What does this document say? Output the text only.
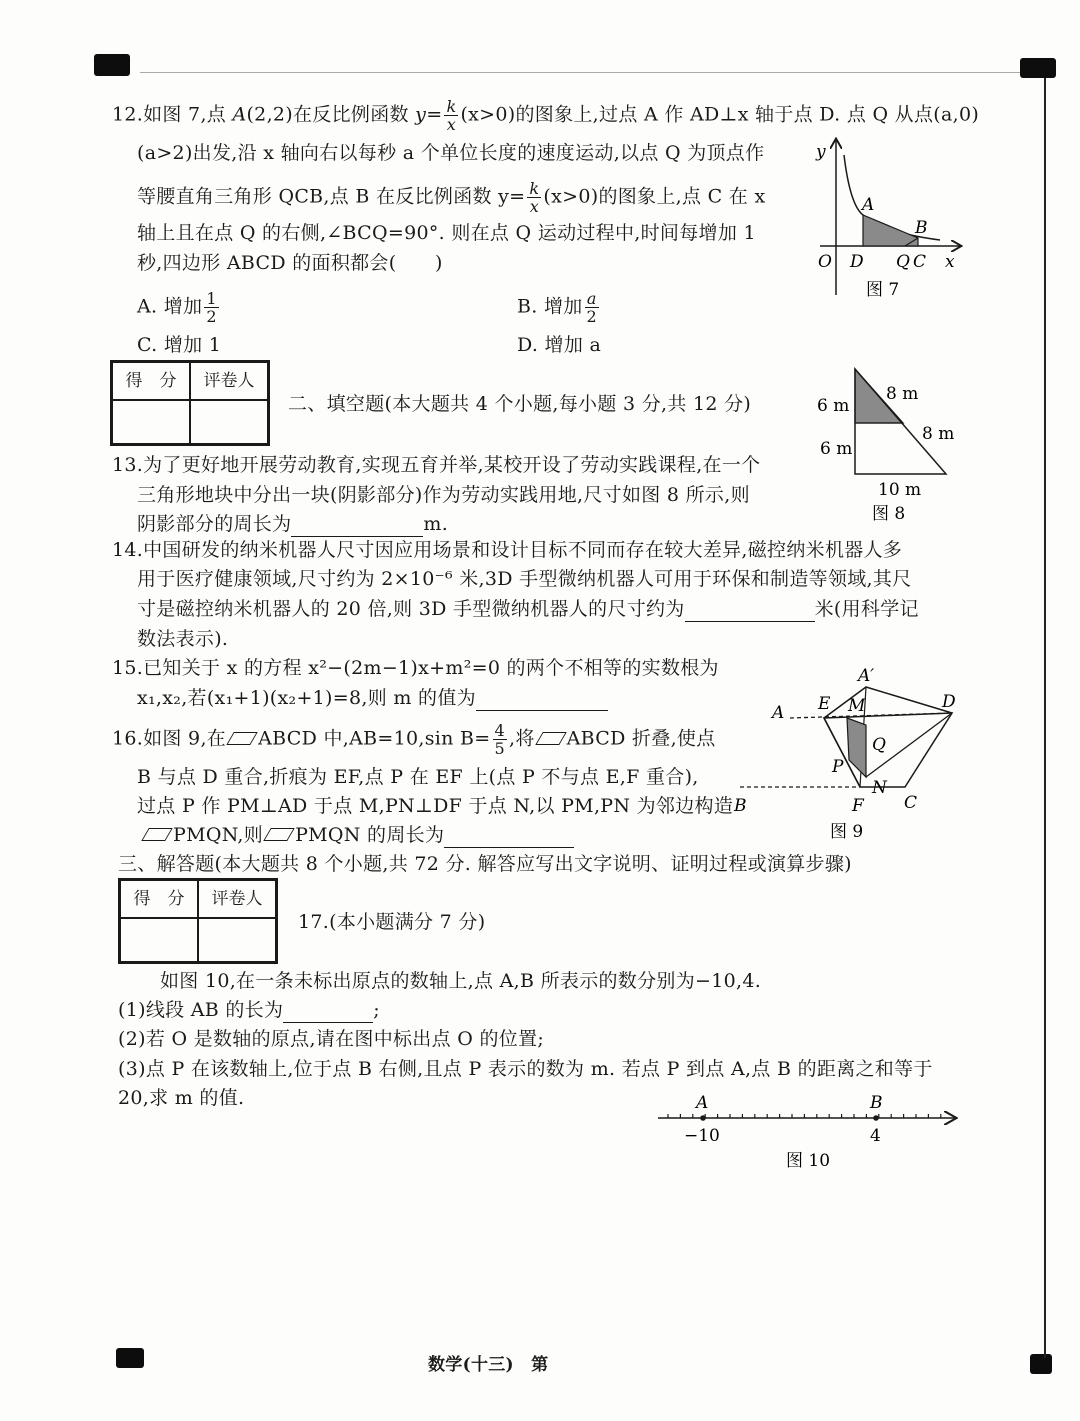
12.如图 7,点 A(2,2)在反比例函数 $y= \frac{k}{x} (x>0)$的图象上,过点 A 作 AD⊥x 轴于点 D. 点 Q 从点(a,0)
(a>2)出发,沿 x 轴向右以每秒 a 个单位长度的速度运动,以点 Q 为顶点作
等腰直角三角形 QCB,点 B 在反比例函数 $y= \frac{k}{x} (x>0)$的图象上,点 C 在 x
轴上且在点 Q 的右侧,∠BCQ=90°. 则在点 Q 运动过程中,时间每增加 1
秒,四边形 ABCD 的面积都会(　　)
A. 增加 $\frac{1}{2}$	B. 增加 $\frac{a}{2}$
C. 增加 1	D. 增加 a
y
x
O D Q C
A
B
图 7
得　分	评卷人
二、填空题(本大题共 4 个小题,每小题 3 分,共 12 分)	6 m
6 m
8 m
8 m
10 m
图 8
13.为了更好地开展劳动教育,实现五育并举,某校开设了劳动实践课程,在一个
三角形地块中分出一块(阴影部分)作为劳动实践用地,尺寸如图 8 所示,则
阴影部分的周长为	m.
14.中国研发的纳米机器人尺寸因应用场景和设计目标不同而存在较大差异,磁控纳米机器人多
用于医疗健康领域,尺寸约为 2×10⁻⁶ 米,3D 手型微纳机器人可用于环保和制造等领域,其尺
寸是磁控纳米机器人的 20 倍,则 3D 手型微纳机器人的尺寸约为	米(用科学记
数法表示).
15.已知关于 x 的方程 x²−(2m−1)x+m²=0 的两个不相等的实数根为
x₁,x₂,若(x₁+1)(x₂+1)=8,则 m 的值为
16.如图 9,在 ABCD 中,AB=10,sin $B= \frac{4}{5}$ ,将 ABCD 折叠,使点
B 与点 D 重合,折痕为 EF,点 P 在 EF 上(点 P 不与点 E,F 重合),
过点 P 作 PM⊥AD 于点 M,PN⊥DF 于点 N,以 PM,PN 为邻边构造
PMQN,则 PMQN 的周长为
A′
A E M	D
Q
P
N
B	F C
图 9
三、解答题(本大题共 8 个小题,共 72 分. 解答应写出文字说明、证明过程或演算步骤)
得　分	评卷人
17.(本小题满分 7 分)
如图 10,在一条未标出原点的数轴上,点 A,B 所表示的数分别为−10,4.
(1)线段 AB 的长为	;
(2)若 O 是数轴的原点,请在图中标出点 O 的位置;
(3)点 P 在该数轴上,位于点 B 右侧,且点 P 表示的数为 m. 若点 P 到点 A,点 B 的距离之和等于
20,求 m 的值.	A	B
−10	4
图 10
数学(十三)　第
